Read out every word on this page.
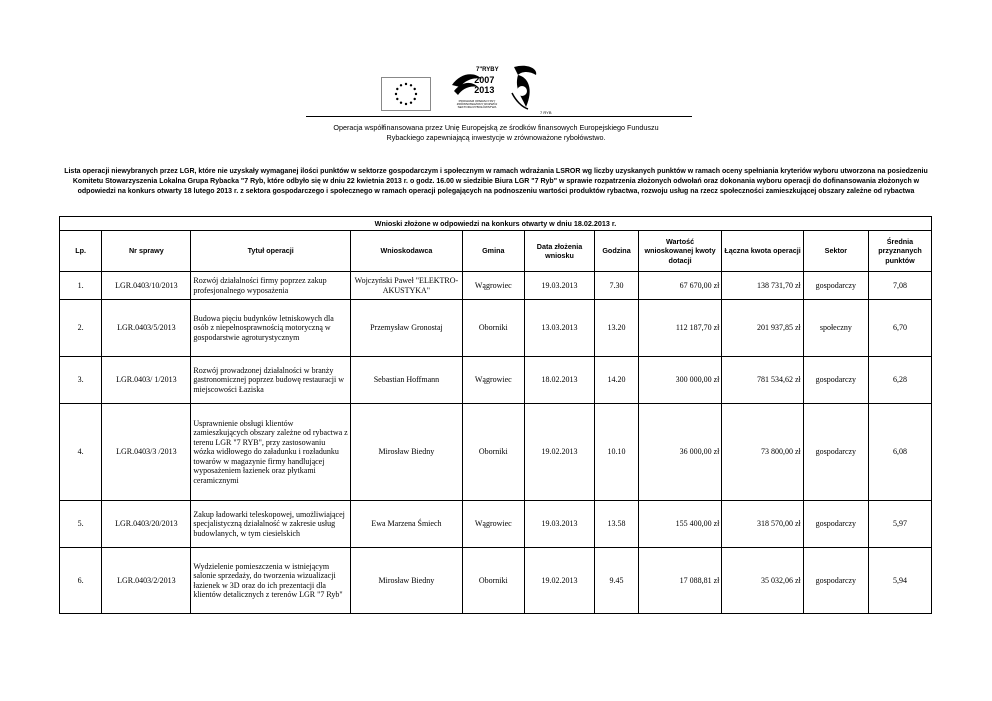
7"RYBY
2007
2013
PROGRAM OPERACYJNY ZRÓWNOWAŻONY ROZWÓJ SEKTORA RYBOŁÓWSTWA
7 RYB
Operacja współfinansowana przez Unię Europejską ze środków finansowych Europejskiego Funduszu
Rybackiego zapewniającą inwestycje w zrównoważone rybołówstwo.
Lista operacji niewybranych przez LGR, które nie uzyskały wymaganej ilości punktów w sektorze gospodarczym i społecznym w ramach wdrażania LSROR wg liczby uzyskanych punktów w ramach oceny spełniania kryteriów wyboru utworzona na posiedzeniu Komitetu Stowarzyszenia Lokalna Grupa Rybacka "7 Ryb, które odbyło się w dniu 22 kwietnia 2013 r. o godz. 16.00 w siedzibie Biura LGR "7 Ryb" w sprawie rozpatrzenia złożonych odwołań oraz dokonania wyboru operacji do dofinansowania złożonych w odpowiedzi na konkurs otwarty 18 lutego 2013 r. z sektora gospodarczego i społecznego w ramach operacji polegających na podnoszeniu wartości produktów rybactwa, rozwoju usług na rzecz społeczności zamieszkującej obszary zależne od rybactwa
Wnioski złożone w odpowiedzi na konkurs otwarty w dniu 18.02.2013 r.										
Lp.	Nr sprawy	Tytuł operacji	Wnioskodawca	Gmina	Data złożenia wniosku	Godzina	Wartość wnioskowanej kwoty dotacji	Łączna kwota operacji	Sektor	Średnia przyznanych punktów
1.	LGR.0403/10/2013	Rozwój działalności firmy poprzez zakup profesjonalnego wyposażenia	Wojczyński Paweł "ELEKTRO-AKUSTYKA"	Wągrowiec	19.03.2013	7.30	67 670,00 zł	138 731,70 zł	gospodarczy	7,08
2.	LGR.0403/5/2013	Budowa pięciu budynków letniskowych dla osób z niepełnosprawnością motoryczną w gospodarstwie agroturystycznym	Przemysław Gronostaj	Oborniki	13.03.2013	13.20	112 187,70 zł	201 937,85 zł	społeczny	6,70
3.	LGR.0403/ 1/2013	Rozwój prowadzonej działalności w branży gastronomicznej poprzez budowę restauracji w miejscowości Łaziska	Sebastian Hoffmann	Wągrowiec	18.02.2013	14.20	300 000,00 zł	781 534,62 zł	gospodarczy	6,28
4.	LGR.0403/3 /2013	Usprawnienie obsługi klientów zamieszkujących obszary zależne od rybactwa z terenu LGR "7 RYB", przy zastosowaniu wózka widłowego do załadunku i rozładunku towarów w magazynie firmy handlującej wyposażeniem łazienek oraz płytkami ceramicznymi	Mirosław Biedny	Oborniki	19.02.2013	10.10	36 000,00 zł	73 800,00 zł	gospodarczy	6,08
5.	LGR.0403/20/2013	Zakup ładowarki teleskopowej, umożliwiającej specjalistyczną działalność w zakresie usług budowlanych, w tym ciesielskich	Ewa Marzena Śmiech	Wągrowiec	19.03.2013	13.58	155 400,00 zł	318 570,00 zł	gospodarczy	5,97
6.	LGR.0403/2/2013	Wydzielenie pomieszczenia w istniejącym salonie sprzedaży, do tworzenia wizualizacji łazienek w 3D oraz do ich prezentacji dla klientów detalicznych z terenów LGR "7 Ryb"	Mirosław Biedny	Oborniki	19.02.2013	9.45	17 088,81 zł	35 032,06 zł	gospodarczy	5,94
